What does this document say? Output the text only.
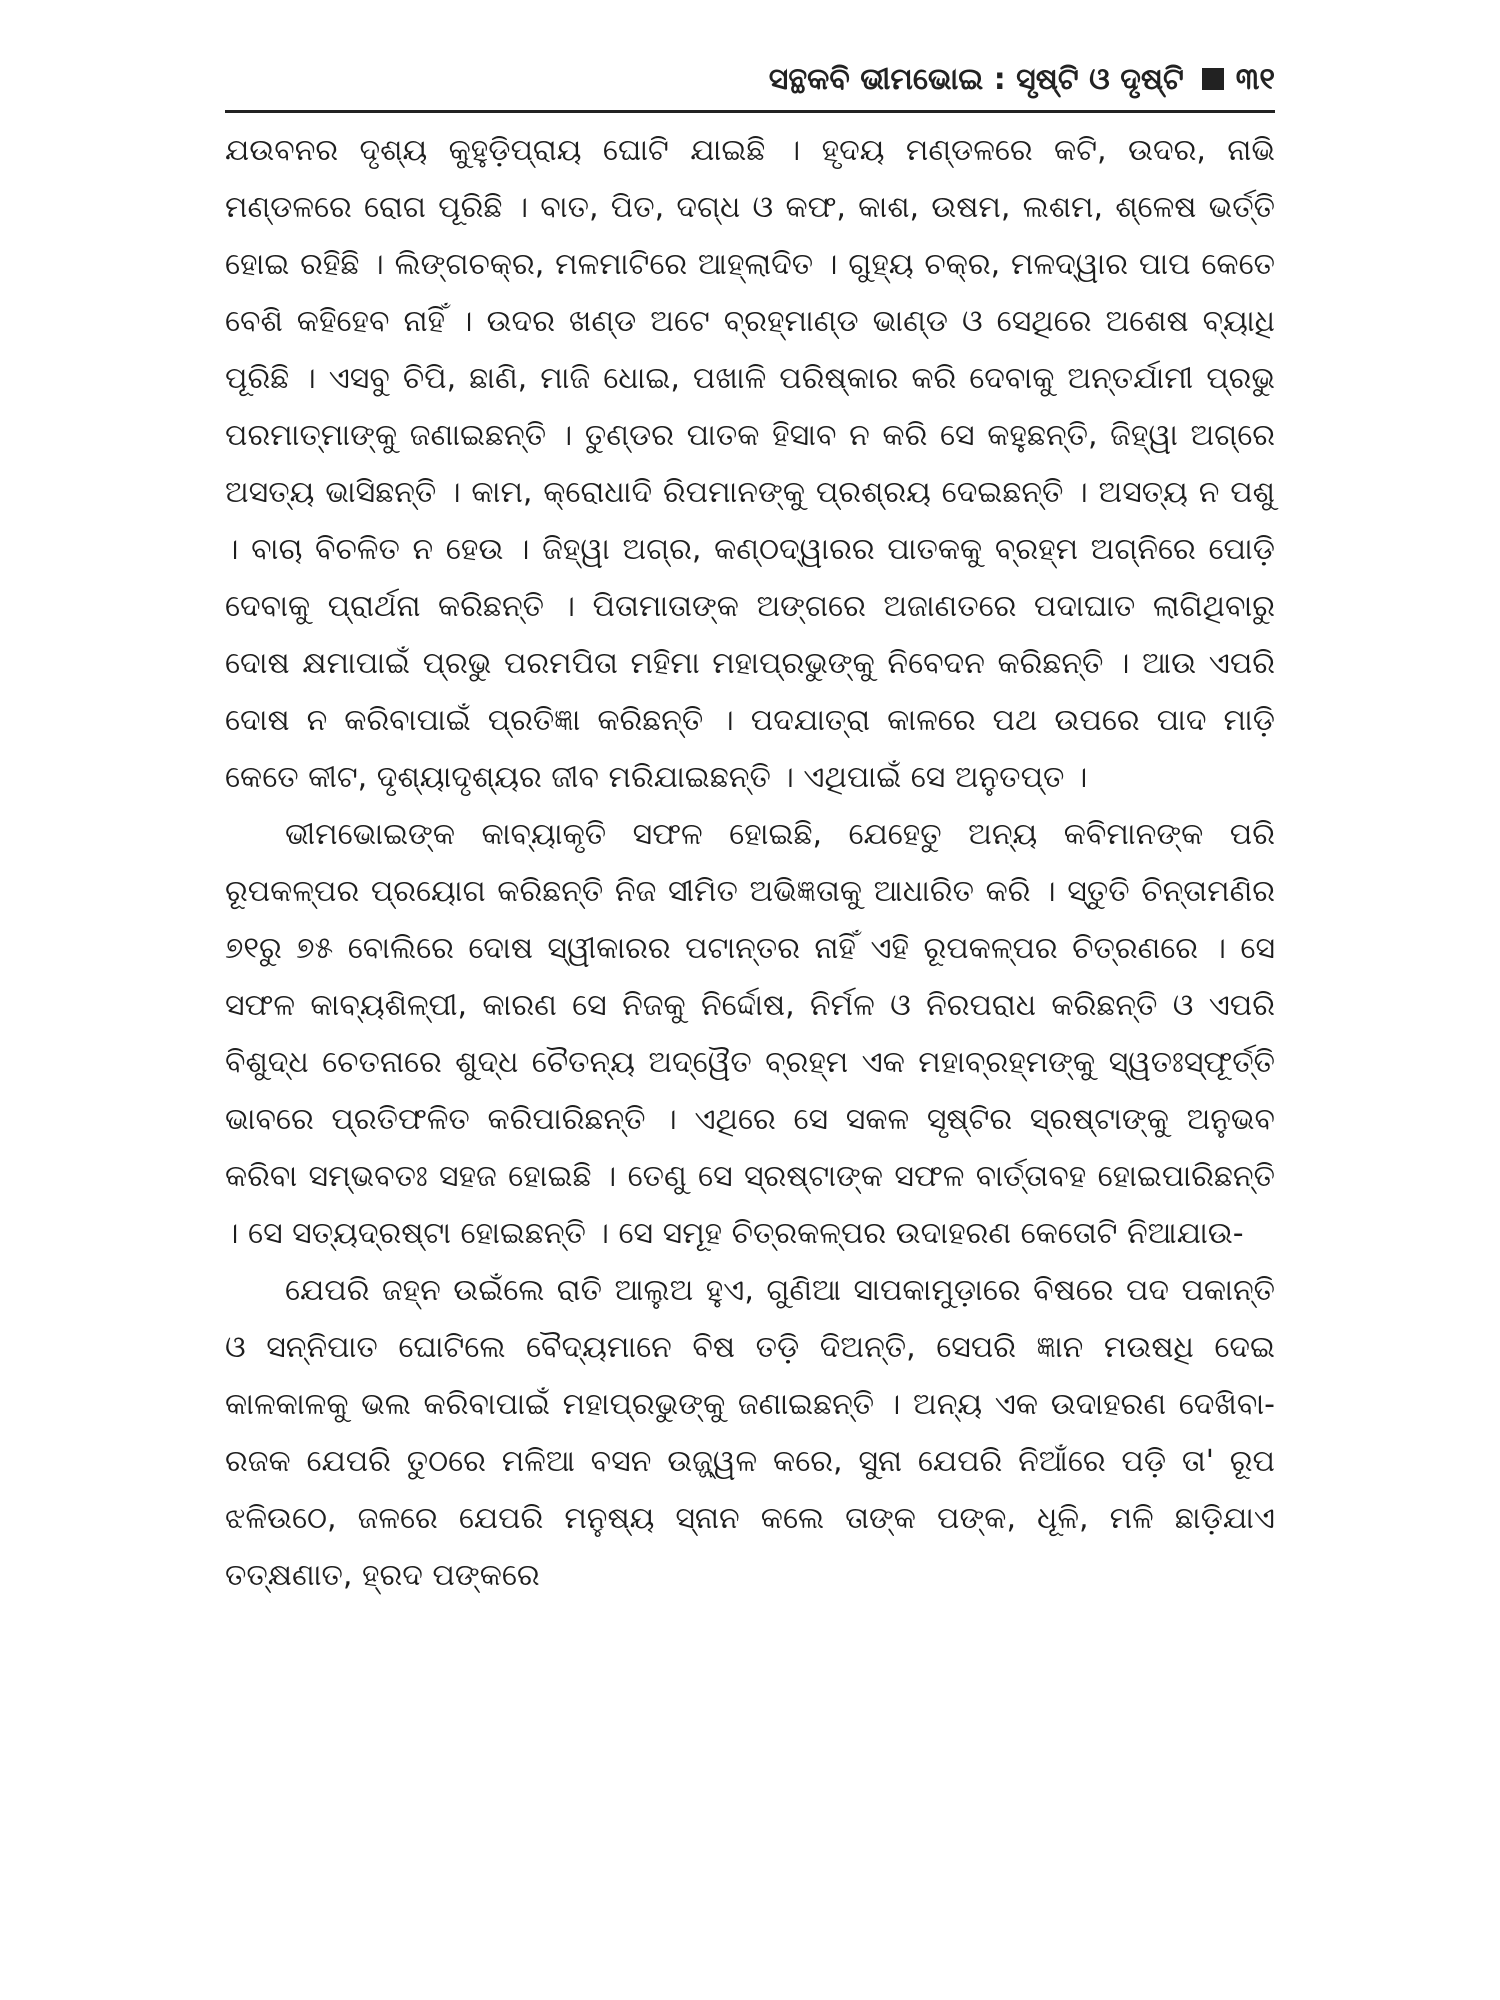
ସନ୍ଥକବି ଭୀମଭୋଇ : ସୃଷ୍ଟି ଓ ଦୃଷ୍ଟି ୩୧

ଯଉବନର ଦୃଶ୍ୟ କୁହୁଡ଼ିପ୍ରାୟ ଘୋଟି ଯାଇଛି । ହୃଦୟ ମଣ୍ଡଳରେ କଟି, ଉଦର, ନାଭି ମଣ୍ଡଳରେ ରୋଗ ପୂରିଛି । ବାତ, ପିତ, ଦଗ୍ଧ ଓ କଫ, କାଶ, ଉଷମ, ଲଶମ, ଶ୍ଳେଷ ଭର୍ତ୍ତି ହୋଇ ରହିଛି । ଲିଙ୍ଗଚକ୍ର, ମଳମାଟିରେ ଆହ୍ଲାଦିତ । ଗୁହ୍ୟ ଚକ୍ର, ମଳଦ୍ୱାର ପାପ କେତେ ବେଶି କହିହେବ ନାହିଁ । ଉଦର ଖଣ୍ଡ ଅଟେ ବ୍ରହ୍ମାଣ୍ଡ ଭାଣ୍ଡ ଓ ସେଥିରେ ଅଶେଷ ବ୍ୟାଧି ପୂରିଛି । ଏସବୁ ଚିପି, ଛାଣି, ମାଜି ଧୋଇ, ପଖାଳି ପରିଷ୍କାର କରି ଦେବାକୁ ଅନ୍ତର୍ଯାମୀ ପ୍ରଭୁ ପରମାତ୍ମାଙ୍କୁ ଜଣାଇଛନ୍ତି । ତୁଣ୍ଡର ପାତକ ହିସାବ ନ କରି ସେ କହୁଛନ୍ତି, ଜିହ୍ୱା ଅଗ୍ରେ ଅସତ୍ୟ ଭାସିଛନ୍ତି । କାମ, କ୍ରୋଧାଦି ରିପମାନଙ୍କୁ ପ୍ରଶ୍ରୟ ଦେଇଛନ୍ତି । ଅସତ୍ୟ ନ ପଶୁ । ବାଚା ବିଚଳିତ ନ ହେଉ । ଜିହ୍ୱା ଅଗ୍ର, କଣ୍ଠଦ୍ୱାରର ପାତକକୁ ବ୍ରହ୍ମ ଅଗ୍ନିରେ ପୋଡ଼ି ଦେବାକୁ ପ୍ରାର୍ଥନା କରିଛନ୍ତି । ପିତାମାତାଙ୍କ ଅଙ୍ଗରେ ଅଜାଣତରେ ପଦାଘାତ ଲାଗିଥିବାରୁ ଦୋଷ କ୍ଷମାପାଇଁ ପ୍ରଭୁ ପରମପିତା ମହିମା ମହାପ୍ରଭୁଙ୍କୁ ନିବେଦନ କରିଛନ୍ତି । ଆଉ ଏପରି ଦୋଷ ନ କରିବାପାଇଁ ପ୍ରତିଜ୍ଞା କରିଛନ୍ତି । ପଦଯାତ୍ରା କାଳରେ ପଥ ଉପରେ ପାଦ ମାଡ଼ି କେତେ କୀଟ, ଦୃଶ୍ୟାଦୃଶ୍ୟର ଜୀବ ମରିଯାଇଛନ୍ତି । ଏଥିପାଇଁ ସେ ଅନୁତପ୍ତ ।

ଭୀମଭୋଇଙ୍କ କାବ୍ୟାକୃତି ସଫଳ ହୋଇଛି, ଯେହେତୁ ଅନ୍ୟ କବିମାନଙ୍କ ପରି ରୂପକଳ୍ପର ପ୍ରୟୋଗ କରିଛନ୍ତି ନିଜ ସୀମିତ ଅଭିଜ୍ଞତାକୁ ଆଧାରିତ କରି । ସ୍ତୁତି ଚିନ୍ତାମଣିର ୭୧ରୁ ୭୫ ବୋଲିରେ ଦୋଷ ସ୍ୱୀକାରର ପଟାନ୍ତର ନାହିଁ ଏହି ରୂପକଳ୍ପର ଚିତ୍ରଣରେ । ସେ ସଫଳ କାବ୍ୟଶିଳ୍ପୀ, କାରଣ ସେ ନିଜକୁ ନିର୍ଦ୍ଦୋଷ, ନିର୍ମଳ ଓ ନିରପରାଧ କରିଛନ୍ତି ଓ ଏପରି ବିଶୁଦ୍ଧ ଚେତନାରେ ଶୁଦ୍ଧ ଚୈତନ୍ୟ ଅଦ୍ୱୈତ ବ୍ରହ୍ମ ଏକ ମହାବ୍ରହ୍ମଙ୍କୁ ସ୍ୱତଃସ୍ଫୂର୍ତ୍ତି ଭାବରେ ପ୍ରତିଫଳିତ କରିପାରିଛନ୍ତି । ଏଥିରେ ସେ ସକଳ ସୃଷ୍ଟିର ସ୍ରଷ୍ଟାଙ୍କୁ ଅନୁଭବ କରିବା ସମ୍ଭବତଃ ସହଜ ହୋଇଛି । ତେଣୁ ସେ ସ୍ରଷ୍ଟାଙ୍କ ସଫଳ ବାର୍ତ୍ତାବହ ହୋଇପାରିଛନ୍ତି । ସେ ସତ୍ୟଦ୍ରଷ୍ଟା ହୋଇଛନ୍ତି । ସେ ସମୂହ ଚିତ୍ରକଳ୍ପର ଉଦାହରଣ କେତୋଟି ନିଆଯାଉ-

ଯେପରି ଜହ୍ନ ଉଇଁଲେ ରାତି ଆଲୁଅ ହୁଏ, ଗୁଣିଆ ସାପକାମୁଡ଼ାରେ ବିଷରେ ପଦ ପକାନ୍ତି ଓ ସନ୍ନିପାତ ଘୋଟିଲେ ବୈଦ୍ୟମାନେ ବିଷ ତଡ଼ି ଦିଅନ୍ତି, ସେପରି ଜ୍ଞାନ ମଉଷଧି ଦେଇ କାଳକାଳକୁ ଭଲ କରିବାପାଇଁ ମହାପ୍ରଭୁଙ୍କୁ ଜଣାଇଛନ୍ତି । ଅନ୍ୟ ଏକ ଉଦାହରଣ ଦେଖିବା-ରଜକ ଯେପରି ତୁଠରେ ମଳିଆ ବସନ ଉଜ୍ଜ୍ୱଳ କରେ, ସୁନା ଯେପରି ନିଆଁରେ ପଡ଼ି ତା' ରୂପ ଝଳିଉଠେ, ଜଳରେ ଯେପରି ମନୁଷ୍ୟ ସ୍ନାନ କଲେ ତାଙ୍କ ପଙ୍କ, ଧୂଳି, ମଳି ଛାଡ଼ିଯାଏ ତତ୍‌କ୍ଷଣାତ, ହ୍ରଦ ପଙ୍କରେ
